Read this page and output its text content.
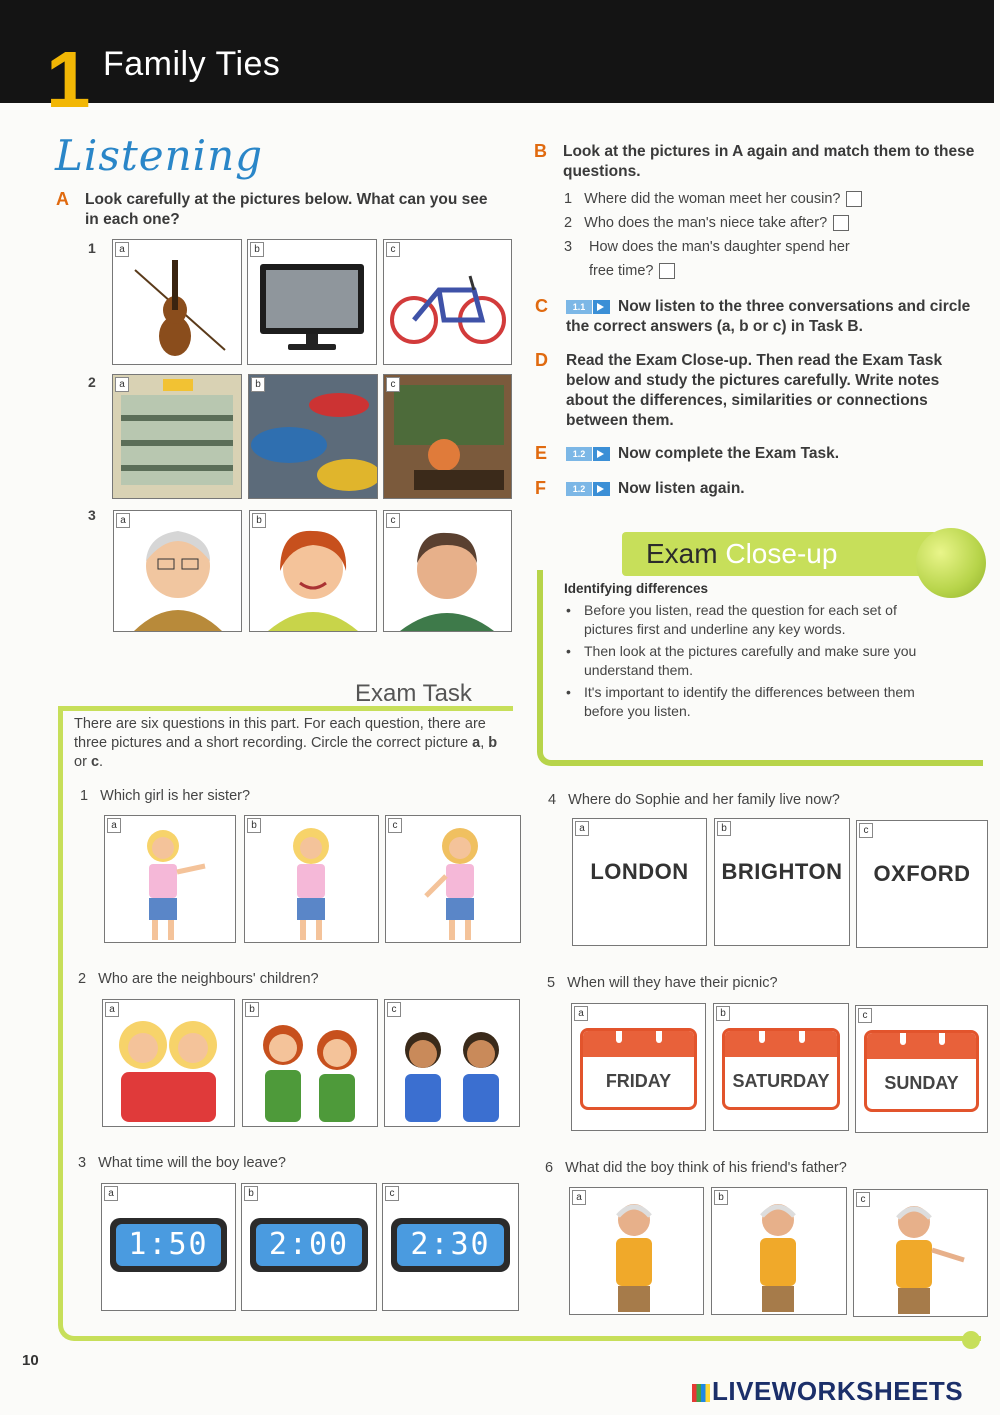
1 Family Ties
Listening
A Look carefully at the pictures below. What can you see in each one?
1	a	b	c
2	a	b	c
3	a	b	c
B Look at the pictures in A again and match them to these questions.
1 Where did the woman meet her cousin?
2 Who does the man's niece take after?
3	How does the man's daughter spend her free time?
C	1.1	Now listen to the three conversations and circle the correct answers (a, b or c) in Task B.
D Read the Exam Close-up. Then read the Exam Task below and study the pictures carefully. Write notes about the differences, similarities or connections between them.
E	1.2	Now complete the Exam Task.
F	1.2	Now listen again.
Exam Close-up
Identifying differences
• Before you listen, read the question for each set of pictures first and underline any key words.
• Then look at the pictures carefully and make sure you understand them.
• It's important to identify the differences between them before you listen.
Exam Task
There are six questions in this part. For each question, there are three pictures and a short recording. Circle the correct picture a, b or c.
1 Which girl is her sister?
a	b	c
2 Who are the neighbours' children?
a	b	c
3 What time will the boy leave?
a
1:50
b
2:00
c
2:30
4 Where do Sophie and her family live now?
a
LONDON
b
BRIGHTON
c
OXFORD
5 When will they have their picnic?
a
FRIDAY
b
SATURDAY
c
SUNDAY
6 What did the boy think of his friend's father?
a	b	c
10
LIVEWORKSHEETS
